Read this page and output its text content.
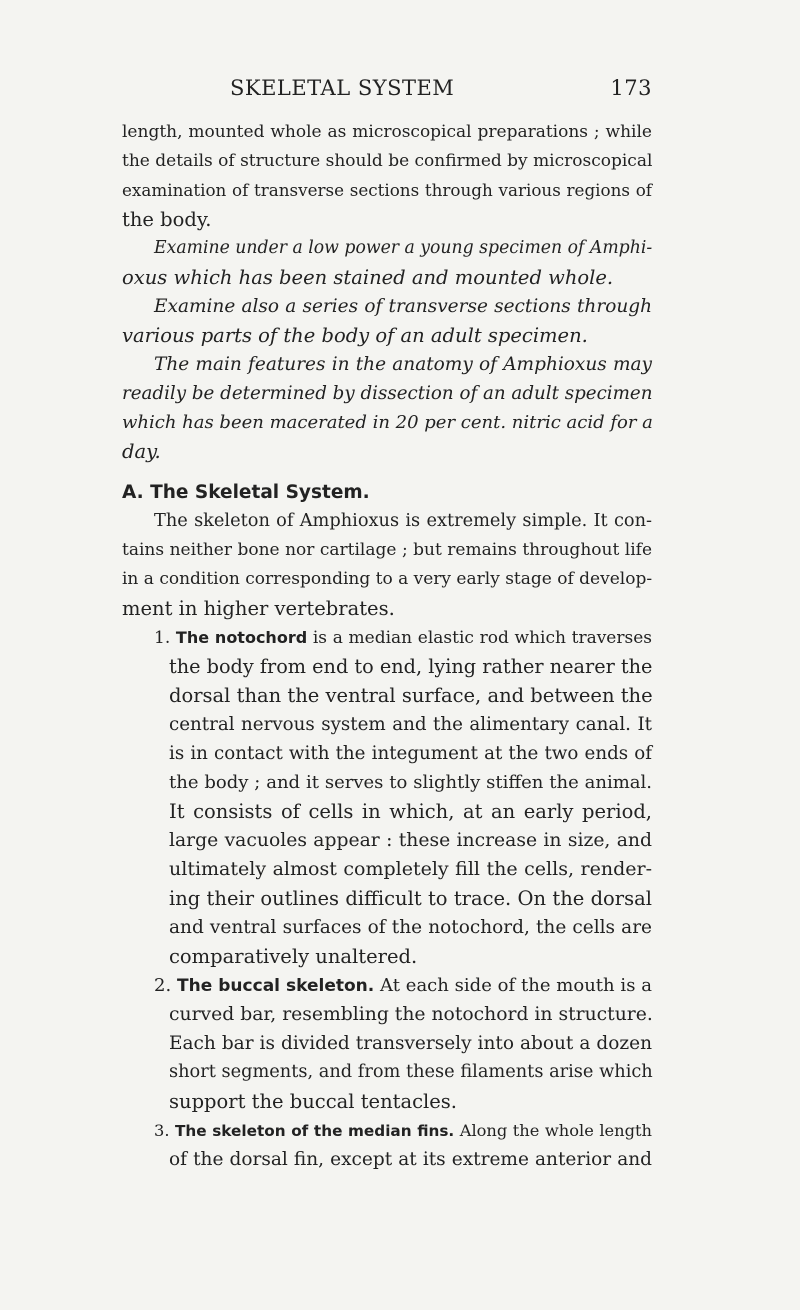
SKELETAL SYSTEM	173
length, mounted whole as microscopical preparations ; while
the details of structure should be confirmed by microscopical
examination of transverse sections through various regions of
the body.
Examine under a low power a young specimen of Amphi-
oxus which has been stained and mounted whole.
Examine also a series of transverse sections through
various parts of the body of an adult specimen.
The main features in the anatomy of Amphioxus may
readily be determined by dissection of an adult specimen
which has been macerated in 20 per cent. nitric acid for a
day.
A. The Skeletal System.
The skeleton of Amphioxus is extremely simple. It con-
tains neither bone nor cartilage ; but remains throughout life
in a condition corresponding to a very early stage of develop-
ment in higher vertebrates.
1. The notochord is a median elastic rod which traverses
the body from end to end, lying rather nearer the
dorsal than the ventral surface, and between the
central nervous system and the alimentary canal. It
is in contact with the integument at the two ends of
the body ; and it serves to slightly stiffen the animal.
It consists of cells in which, at an early period,
large vacuoles appear : these increase in size, and
ultimately almost completely fill the cells, render-
ing their outlines difficult to trace. On the dorsal
and ventral surfaces of the notochord, the cells are
comparatively unaltered.
2. The buccal skeleton. At each side of the mouth is a
curved bar, resembling the notochord in structure.
Each bar is divided transversely into about a dozen
short segments, and from these filaments arise which
support the buccal tentacles.
3. The skeleton of the median fins. Along the whole length
of the dorsal fin, except at its extreme anterior and
